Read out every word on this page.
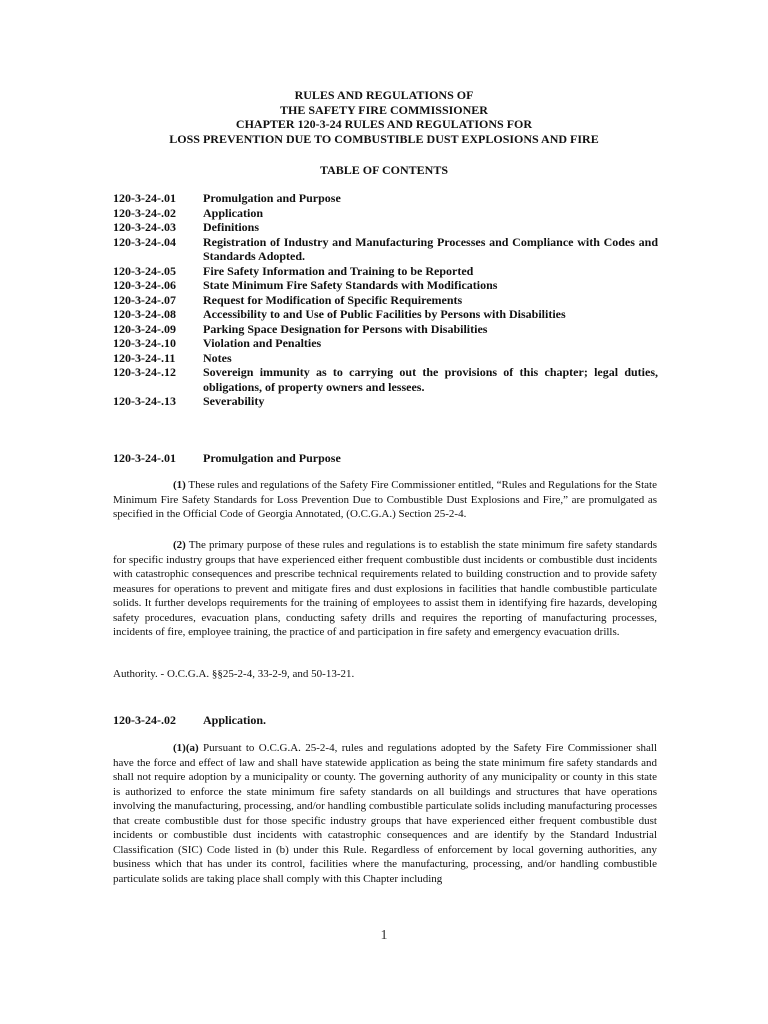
RULES AND REGULATIONS OF
THE SAFETY FIRE COMMISSIONER
CHAPTER 120-3-24 RULES AND REGULATIONS FOR
LOSS PREVENTION DUE TO COMBUSTIBLE DUST EXPLOSIONS AND FIRE
TABLE OF CONTENTS
120-3-24-.01	Promulgation and Purpose
120-3-24-.02	Application
120-3-24-.03	Definitions
120-3-24-.04	Registration of Industry and Manufacturing Processes and Compliance with Codes and Standards Adopted.
120-3-24-.05	Fire Safety Information and Training to be Reported
120-3-24-.06	State Minimum Fire Safety Standards with Modifications
120-3-24-.07	Request for Modification of Specific Requirements
120-3-24-.08	Accessibility to and Use of Public Facilities by Persons with Disabilities
120-3-24-.09	Parking Space Designation for Persons with Disabilities
120-3-24-.10	Violation and Penalties
120-3-24-.11	Notes
120-3-24-.12	Sovereign immunity as to carrying out the provisions of this chapter; legal duties, obligations, of property owners and lessees.
120-3-24-.13	Severability
120-3-24-.01	Promulgation and Purpose
(1) These rules and regulations of the Safety Fire Commissioner entitled, “Rules and Regulations for the State Minimum Fire Safety Standards for Loss Prevention Due to Combustible Dust Explosions and Fire,” are promulgated as specified in the Official Code of Georgia Annotated, (O.C.G.A.) Section 25-2-4.
(2) The primary purpose of these rules and regulations is to establish the state minimum fire safety standards for specific industry groups that have experienced either frequent combustible dust incidents or combustible dust incidents with catastrophic consequences and prescribe technical requirements related to building construction and to provide safety measures for operations to prevent and mitigate fires and dust explosions in facilities that handle combustible particulate solids. It further develops requirements for the training of employees to assist them in identifying fire hazards, developing safety procedures, evacuation plans, conducting safety drills and requires the reporting of manufacturing processes, incidents of fire, employee training, the practice of and participation in fire safety and emergency evacuation drills.
Authority. - O.C.G.A. §§25-2-4, 33-2-9, and 50-13-21.
120-3-24-.02	Application.
(1)(a) Pursuant to O.C.G.A. 25-2-4, rules and regulations adopted by the Safety Fire Commissioner shall have the force and effect of law and shall have statewide application as being the state minimum fire safety standards and shall not require adoption by a municipality or county. The governing authority of any municipality or county in this state is authorized to enforce the state minimum fire safety standards on all buildings and structures that have operations involving the manufacturing, processing, and/or handling combustible particulate solids including manufacturing processes that create combustible dust for those specific industry groups that have experienced either frequent combustible dust incidents or combustible dust incidents with catastrophic consequences and are identify by the Standard Industrial Classification (SIC) Code listed in (b) under this Rule. Regardless of enforcement by local governing authorities, any business which that has under its control, facilities where the manufacturing, processing, and/or handling combustible particulate solids are taking place shall comply with this Chapter including
1
